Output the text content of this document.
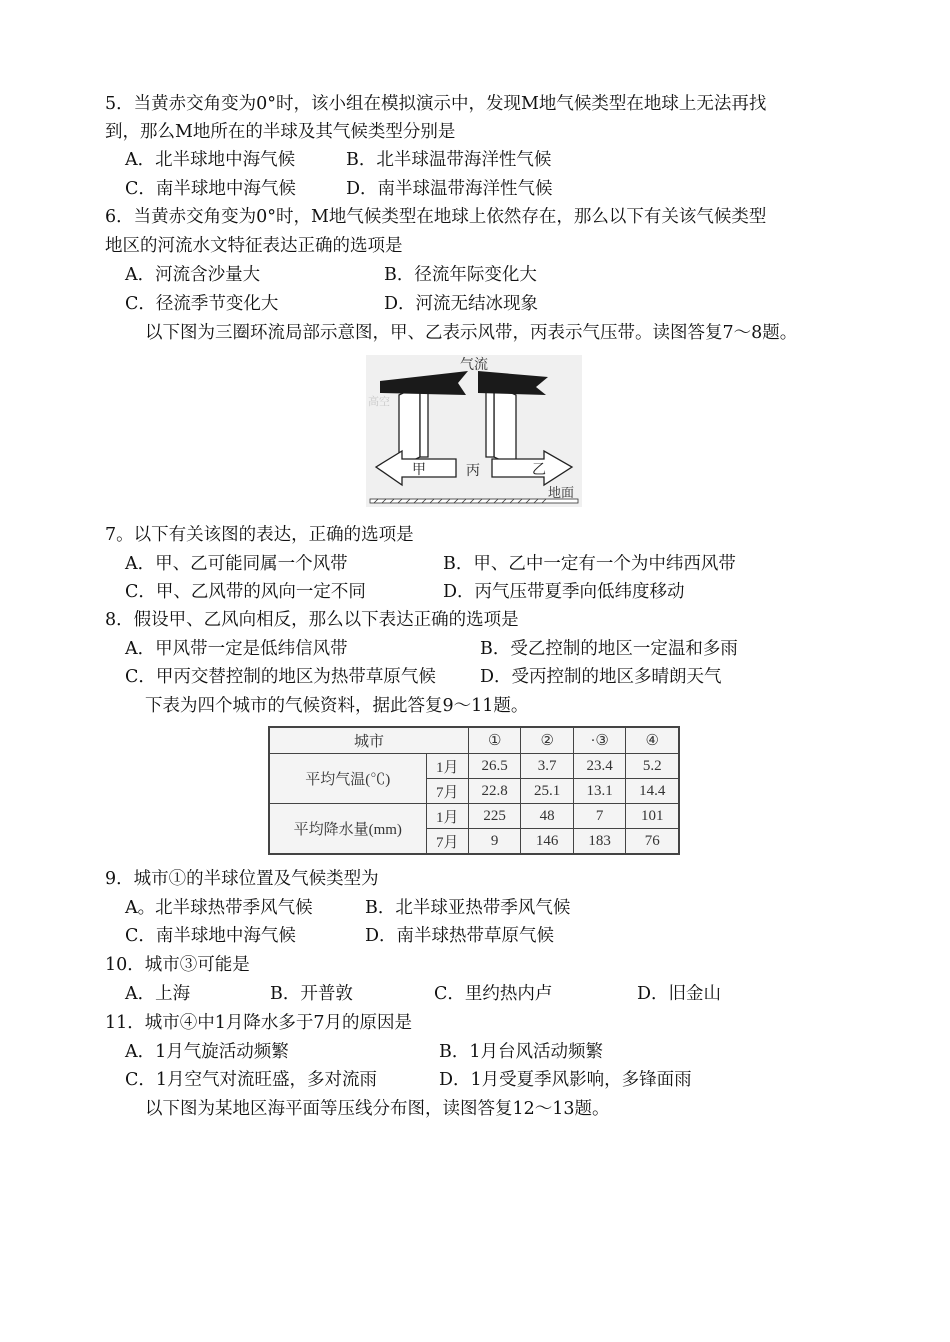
5．当黄赤交角变为0°时，该小组在模拟演示中，发现M地气候类型在地球上无法再找
到，那么M地所在的半球及其气候类型分别是
A．北半球地中海气候	B．北半球温带海洋性气候
C．南半球地中海气候	D．南半球温带海洋性气候
6．当黄赤交角变为0°时，M地气候类型在地球上依然存在，那么以下有关该气候类型
地区的河流水文特征表达正确的选项是
A．河流含沙量大	B．径流年际变化大
C．径流季节变化大	D．河流无结冰现象
以下图为三圈环流局部示意图，甲、乙表示风带，丙表示气压带。读图答复7～8题。
气流
高空
甲	丙	乙
地面
7。以下有关该图的表达，正确的选项是
A．甲、乙可能同属一个风带	B．甲、乙中一定有一个为中纬西风带
C．甲、乙风带的风向一定不同	D．丙气压带夏季向低纬度移动
8．假设甲、乙风向相反，那么以下表达正确的选项是
A．甲风带一定是低纬信风带	B．受乙控制的地区一定温和多雨
C．甲丙交替控制的地区为热带草原气候	D．受丙控制的地区多晴朗天气
下表为四个城市的气候资料，据此答复9～11题。
城市		①	②	·③	④
平均气温(℃)	1月	26.5	3.7	23.4	5.2
	7月	22.8	25.1	13.1	14.4
平均降水量(mm)	1月	225	48	7	101
	7月	9	146	183	76
9．城市①的半球位置及气候类型为
A。北半球热带季风气候	B．北半球亚热带季风气候
C．南半球地中海气候	D．南半球热带草原气候
10．城市③可能是
A．上海	B．开普敦	C．里约热内卢	D．旧金山
11．城市④中1月降水多于7月的原因是
A．1月气旋活动频繁	B．1月台风活动频繁
C．1月空气对流旺盛，多对流雨	D．1月受夏季风影响，多锋面雨
以下图为某地区海平面等压线分布图，读图答复12～13题。
